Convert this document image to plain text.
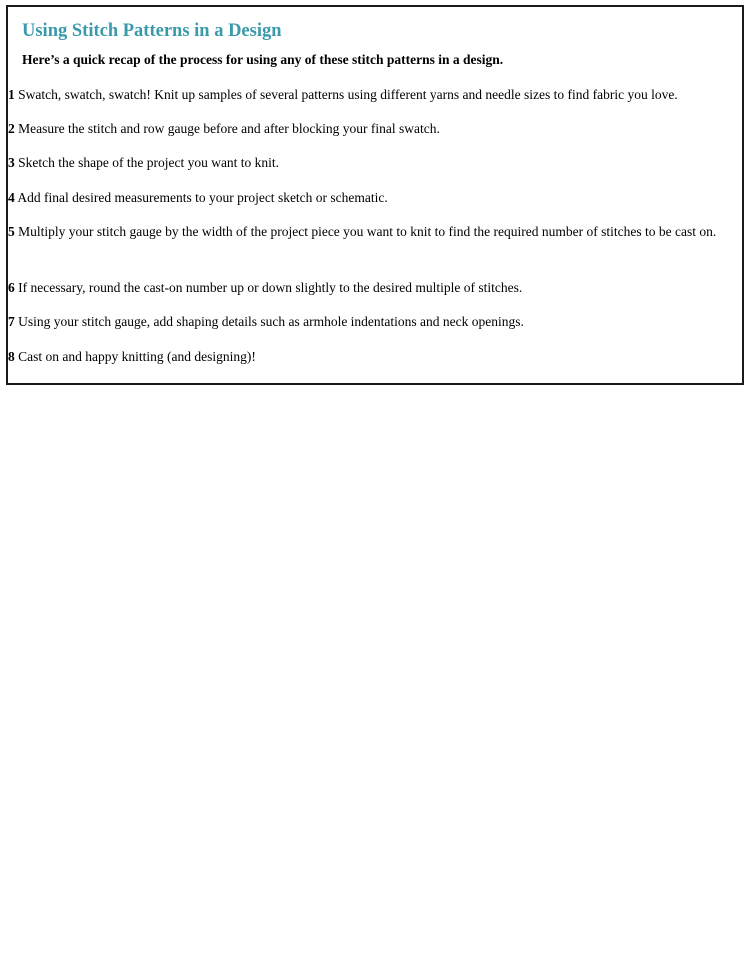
Using Stitch Patterns in a Design

Here’s a quick recap of the process for using any of these stitch patterns in a design.

1 Swatch, swatch, swatch! Knit up samples of several patterns using different yarns and needle sizes to find fabric you love.
2 Measure the stitch and row gauge before and after blocking your final swatch.
3 Sketch the shape of the project you want to knit.
4 Add final desired measurements to your project sketch or schematic.
5 Multiply your stitch gauge by the width of the project piece you want to knit to find the required number of stitches to be cast on.
6 If necessary, round the cast-on number up or down slightly to the desired multiple of stitches.
7 Using your stitch gauge, add shaping details such as armhole indentations and neck openings.
8 Cast on and happy knitting (and designing)!
